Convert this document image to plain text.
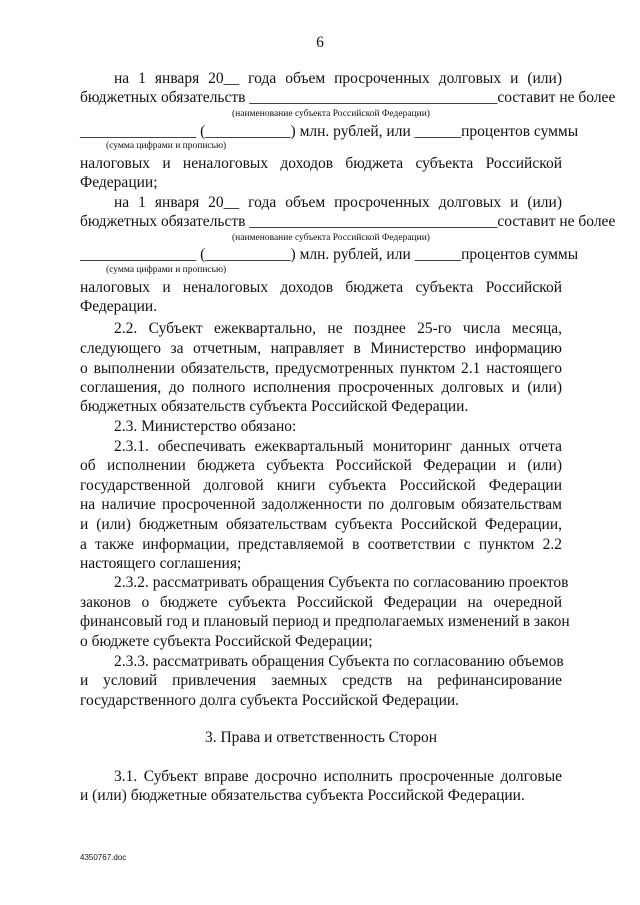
6
на 1 января 20__ года объем просроченных долговых и (или)
бюджетных обязательств ________________________________ составит не более
(наименование субъекта Российской Федерации)
_______________ (___________) млн. рублей, или ______ процентов суммы
(сумма цифрами и прописью)
налоговых и неналоговых доходов бюджета субъекта Российской
Федерации;
на 1 января 20__ года объем просроченных долговых и (или)
бюджетных обязательств ________________________________ составит не более
(наименование субъекта Российской Федерации)
_______________ (___________) млн. рублей, или ______ процентов суммы
(сумма цифрами и прописью)
налоговых и неналоговых доходов бюджета субъекта Российской
Федерации.
2.2. Субъект ежеквартально, не позднее 25-го числа месяца,
следующего за отчетным, направляет в Министерство информацию
о выполнении обязательств, предусмотренных пунктом 2.1 настоящего
соглашения, до полного исполнения просроченных долговых и (или)
бюджетных обязательств субъекта Российской Федерации.
2.3. Министерство обязано:
2.3.1. обеспечивать ежеквартальный мониторинг данных отчета
об исполнении бюджета субъекта Российской Федерации и (или)
государственной долговой книги субъекта Российской Федерации
на наличие просроченной задолженности по долговым обязательствам
и (или) бюджетным обязательствам субъекта Российской Федерации,
а также информации, представляемой в соответствии с пунктом 2.2
настоящего соглашения;
2.3.2. рассматривать обращения Субъекта по согласованию проектов
законов о бюджете субъекта Российской Федерации на очередной
финансовый год и плановый период и предполагаемых изменений в закон
о бюджете субъекта Российской Федерации;
2.3.3. рассматривать обращения Субъекта по согласованию объемов
и условий привлечения заемных средств на рефинансирование
государственного долга субъекта Российской Федерации.
3. Права и ответственность Сторон
3.1. Субъект вправе досрочно исполнить просроченные долговые
и (или) бюджетные обязательства субъекта Российской Федерации.
4350767.doc
